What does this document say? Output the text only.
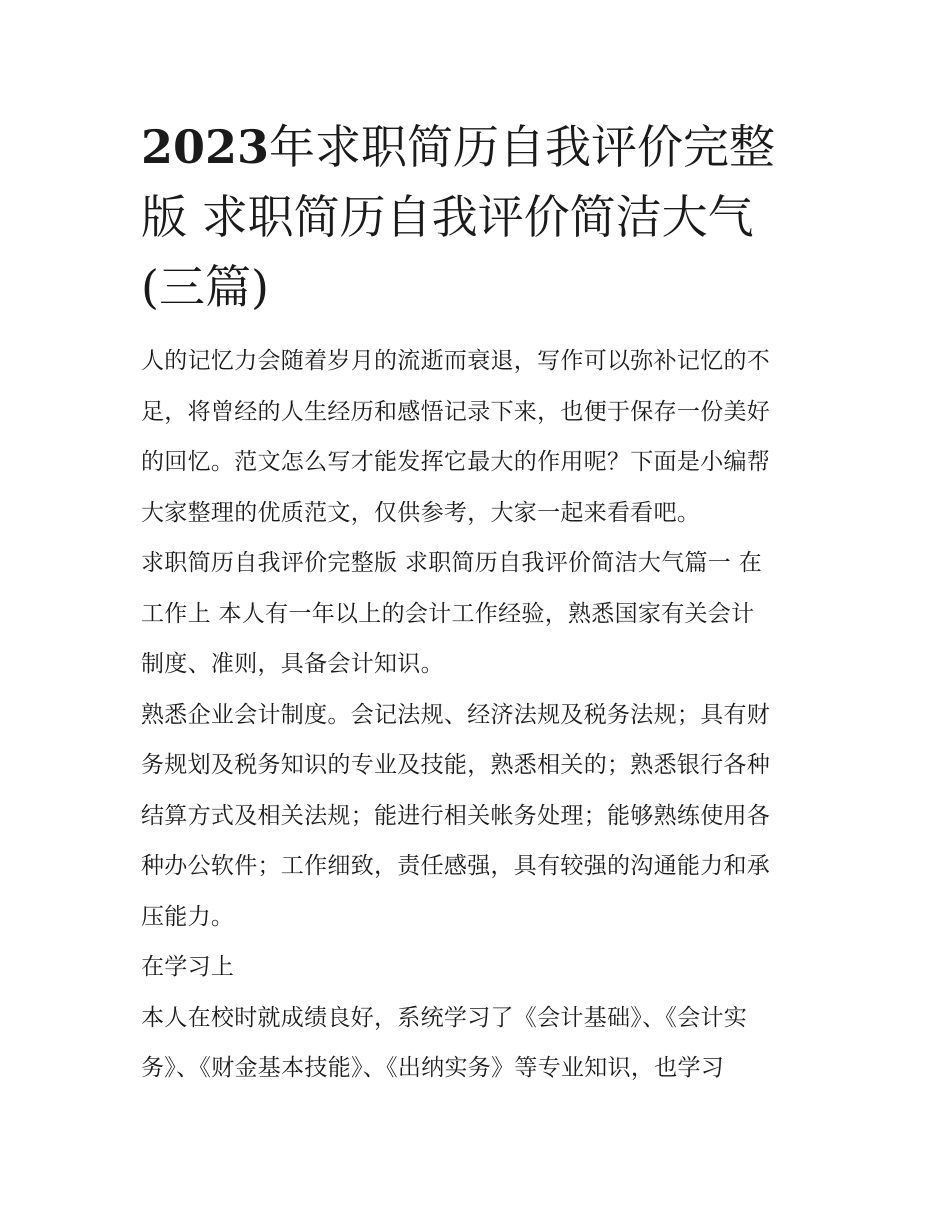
2023年求职简历自我评价完整
版 求职简历自我评价简洁大气
(三篇)

人的记忆力会随着岁月的流逝而衰退，写作可以弥补记忆的不
足，将曾经的人生经历和感悟记录下来，也便于保存一份美好
的回忆。范文怎么写才能发挥它最大的作用呢？下面是小编帮
大家整理的优质范文，仅供参考，大家一起来看看吧。

求职简历自我评价完整版 求职简历自我评价简洁大气篇一 在
工作上 本人有一年以上的会计工作经验，熟悉国家有关会计
制度、准则，具备会计知识。

熟悉企业会计制度。会记法规、经济法规及税务法规；具有财
务规划及税务知识的专业及技能，熟悉相关的；熟悉银行各种
结算方式及相关法规；能进行相关帐务处理；能够熟练使用各
种办公软件；工作细致，责任感强，具有较强的沟通能力和承
压能力。

在学习上

本人在校时就成绩良好，系统学习了《会计基础》、《会计实
务》、《财金基本技能》、《出纳实务》等专业知识，也学习
